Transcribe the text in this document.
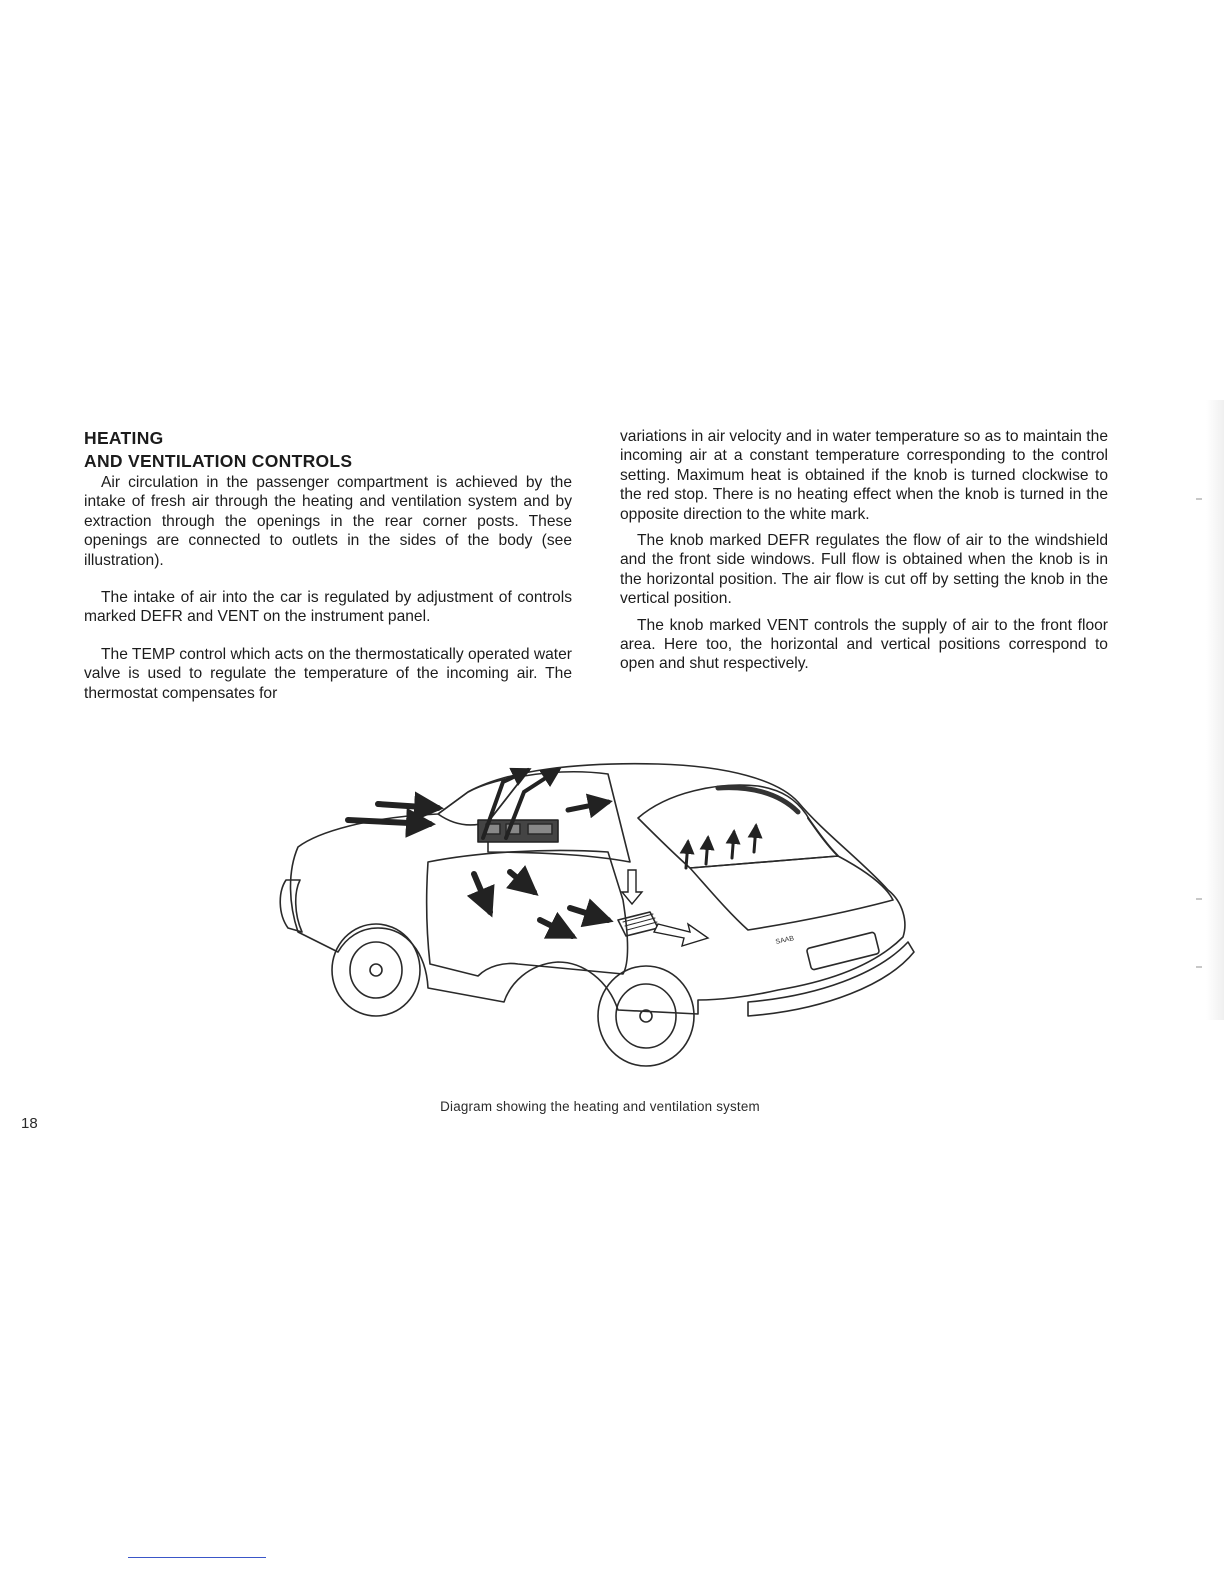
HEATING
AND VENTILATION CONTROLS

Air circulation in the passenger compartment is achieved by the intake of fresh air through the heating and ventilation system and by extraction through the openings in the rear corner posts. These openings are connected to outlets in the sides of the body (see illustration).

The intake of air into the car is regulated by adjustment of controls marked DEFR and VENT on the instrument panel.

The TEMP control which acts on the thermostatically operated water valve is used to regulate the temperature of the incoming air. The thermostat compensates for

variations in air velocity and in water temperature so as to maintain the incoming air at a constant temperature corresponding to the control setting. Maximum heat is obtained if the knob is turned clockwise to the red stop. There is no heating effect when the knob is turned in the opposite direction to the white mark.

The knob marked DEFR regulates the flow of air to the windshield and the front side windows. Full flow is obtained when the knob is in the horizontal position. The air flow is cut off by setting the knob in the vertical position.

The knob marked VENT controls the supply of air to the front floor area. Here too, the horizontal and vertical positions correspond to open and shut respectively.

SAAB
Diagram showing the heating and ventilation system
18
